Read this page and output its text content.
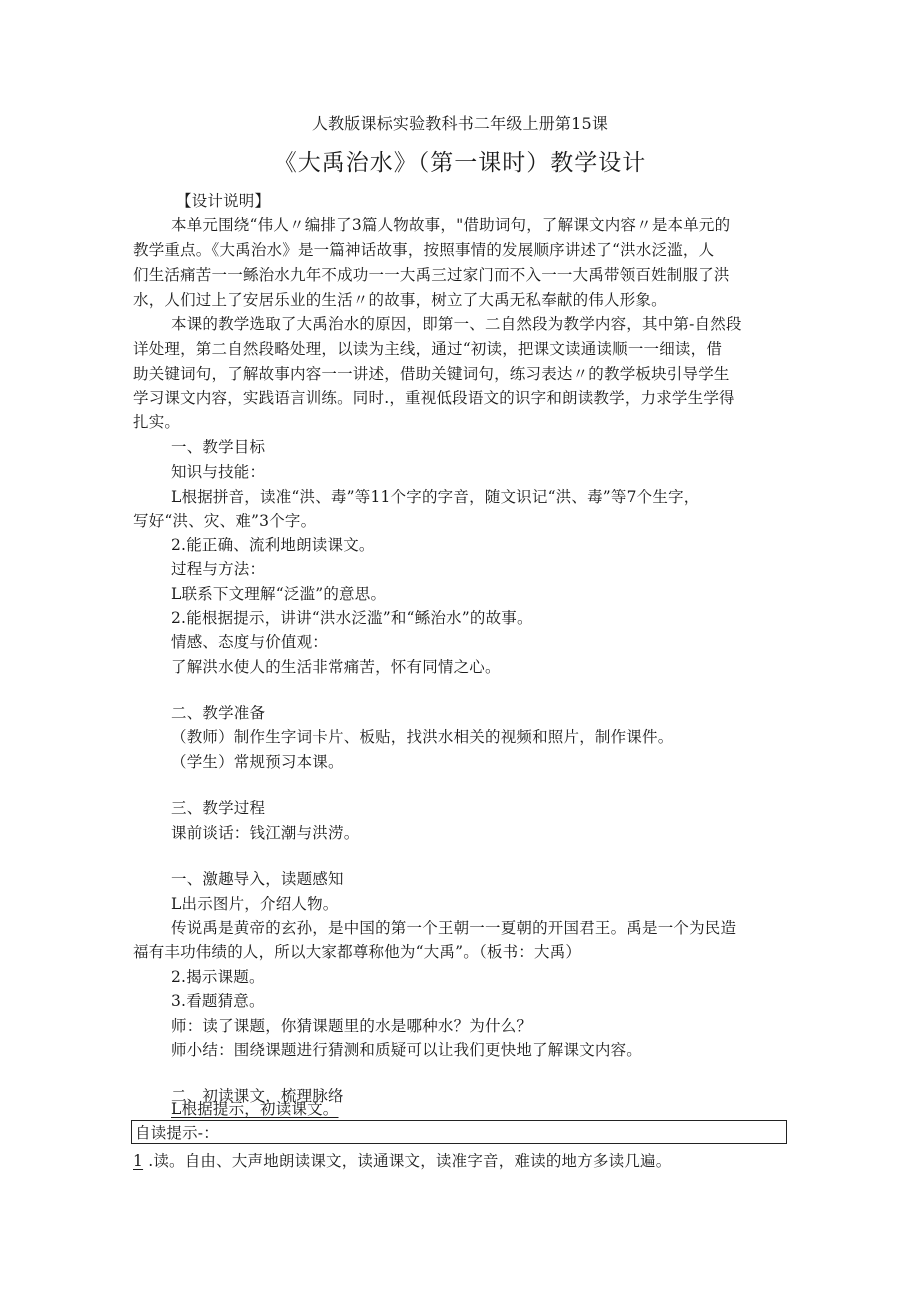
人教版课标实验教科书二年级上册第15课
《大禹治水》（第一课时）教学设计
【设计说明】
本单元围绕“伟人〃编排了3篇人物故事，"借助词句，了解课文内容〃是本单元的
教学重点。《大禹治水》是一篇神话故事，按照事情的发展顺序讲述了“洪水泛滥，人
们生活痛苦一一鲧治水九年不成功一一大禹三过家门而不入一一大禹带领百姓制服了洪
水，人们过上了安居乐业的生活〃的故事，树立了大禹无私奉献的伟人形象。
本课的教学选取了大禹治水的原因，即第一、二自然段为教学内容，其中第-自然段
详处理，第二自然段略处理，以读为主线，通过“初读，把课文读通读顺一一细读，借
助关键词句，了解故事内容一一讲述，借助关键词句，练习表达〃的教学板块引导学生
学习课文内容，实践语言训练。同时.，重视低段语文的识字和朗读教学，力求学生学得
扎实。
一、教学目标
知识与技能：
L根据拼音，读准“洪、毒”等11个字的字音，随文识记“洪、毒”等7个生字，
写好“洪、灾、难”3个字。
2.能正确、流利地朗读课文。
过程与方法：
L联系下文理解“泛滥”的意思。
2.能根据提示，讲讲“洪水泛滥”和“鲧治水”的故事。
情感、态度与价值观：
了解洪水使人的生活非常痛苦，怀有同情之心。
二、教学准备
（教师）制作生字词卡片、板贴，找洪水相关的视频和照片，制作课件。
（学生）常规预习本课。
三、教学过程
课前谈话：钱江潮与洪涝。
一、激趣导入，读题感知
L出示图片，介绍人物。
传说禹是黄帝的玄孙，是中国的第一个王朝一一夏朝的开国君王。禹是一个为民造
福有丰功伟绩的人，所以大家都尊称他为“大禹”。（板书：大禹）
2.揭示课题。
3.看题猜意。
师：读了课题，你猜课题里的水是哪种水？为什么？
师小结：围绕课题进行猜测和质疑可以让我们更快地了解课文内容。
二、初读课文，梳理脉络
L根据提示，初读课文。
自读提示-：
1 .读。自由、大声地朗读课文，读通课文，读准字音，难读的地方多读几遍。
